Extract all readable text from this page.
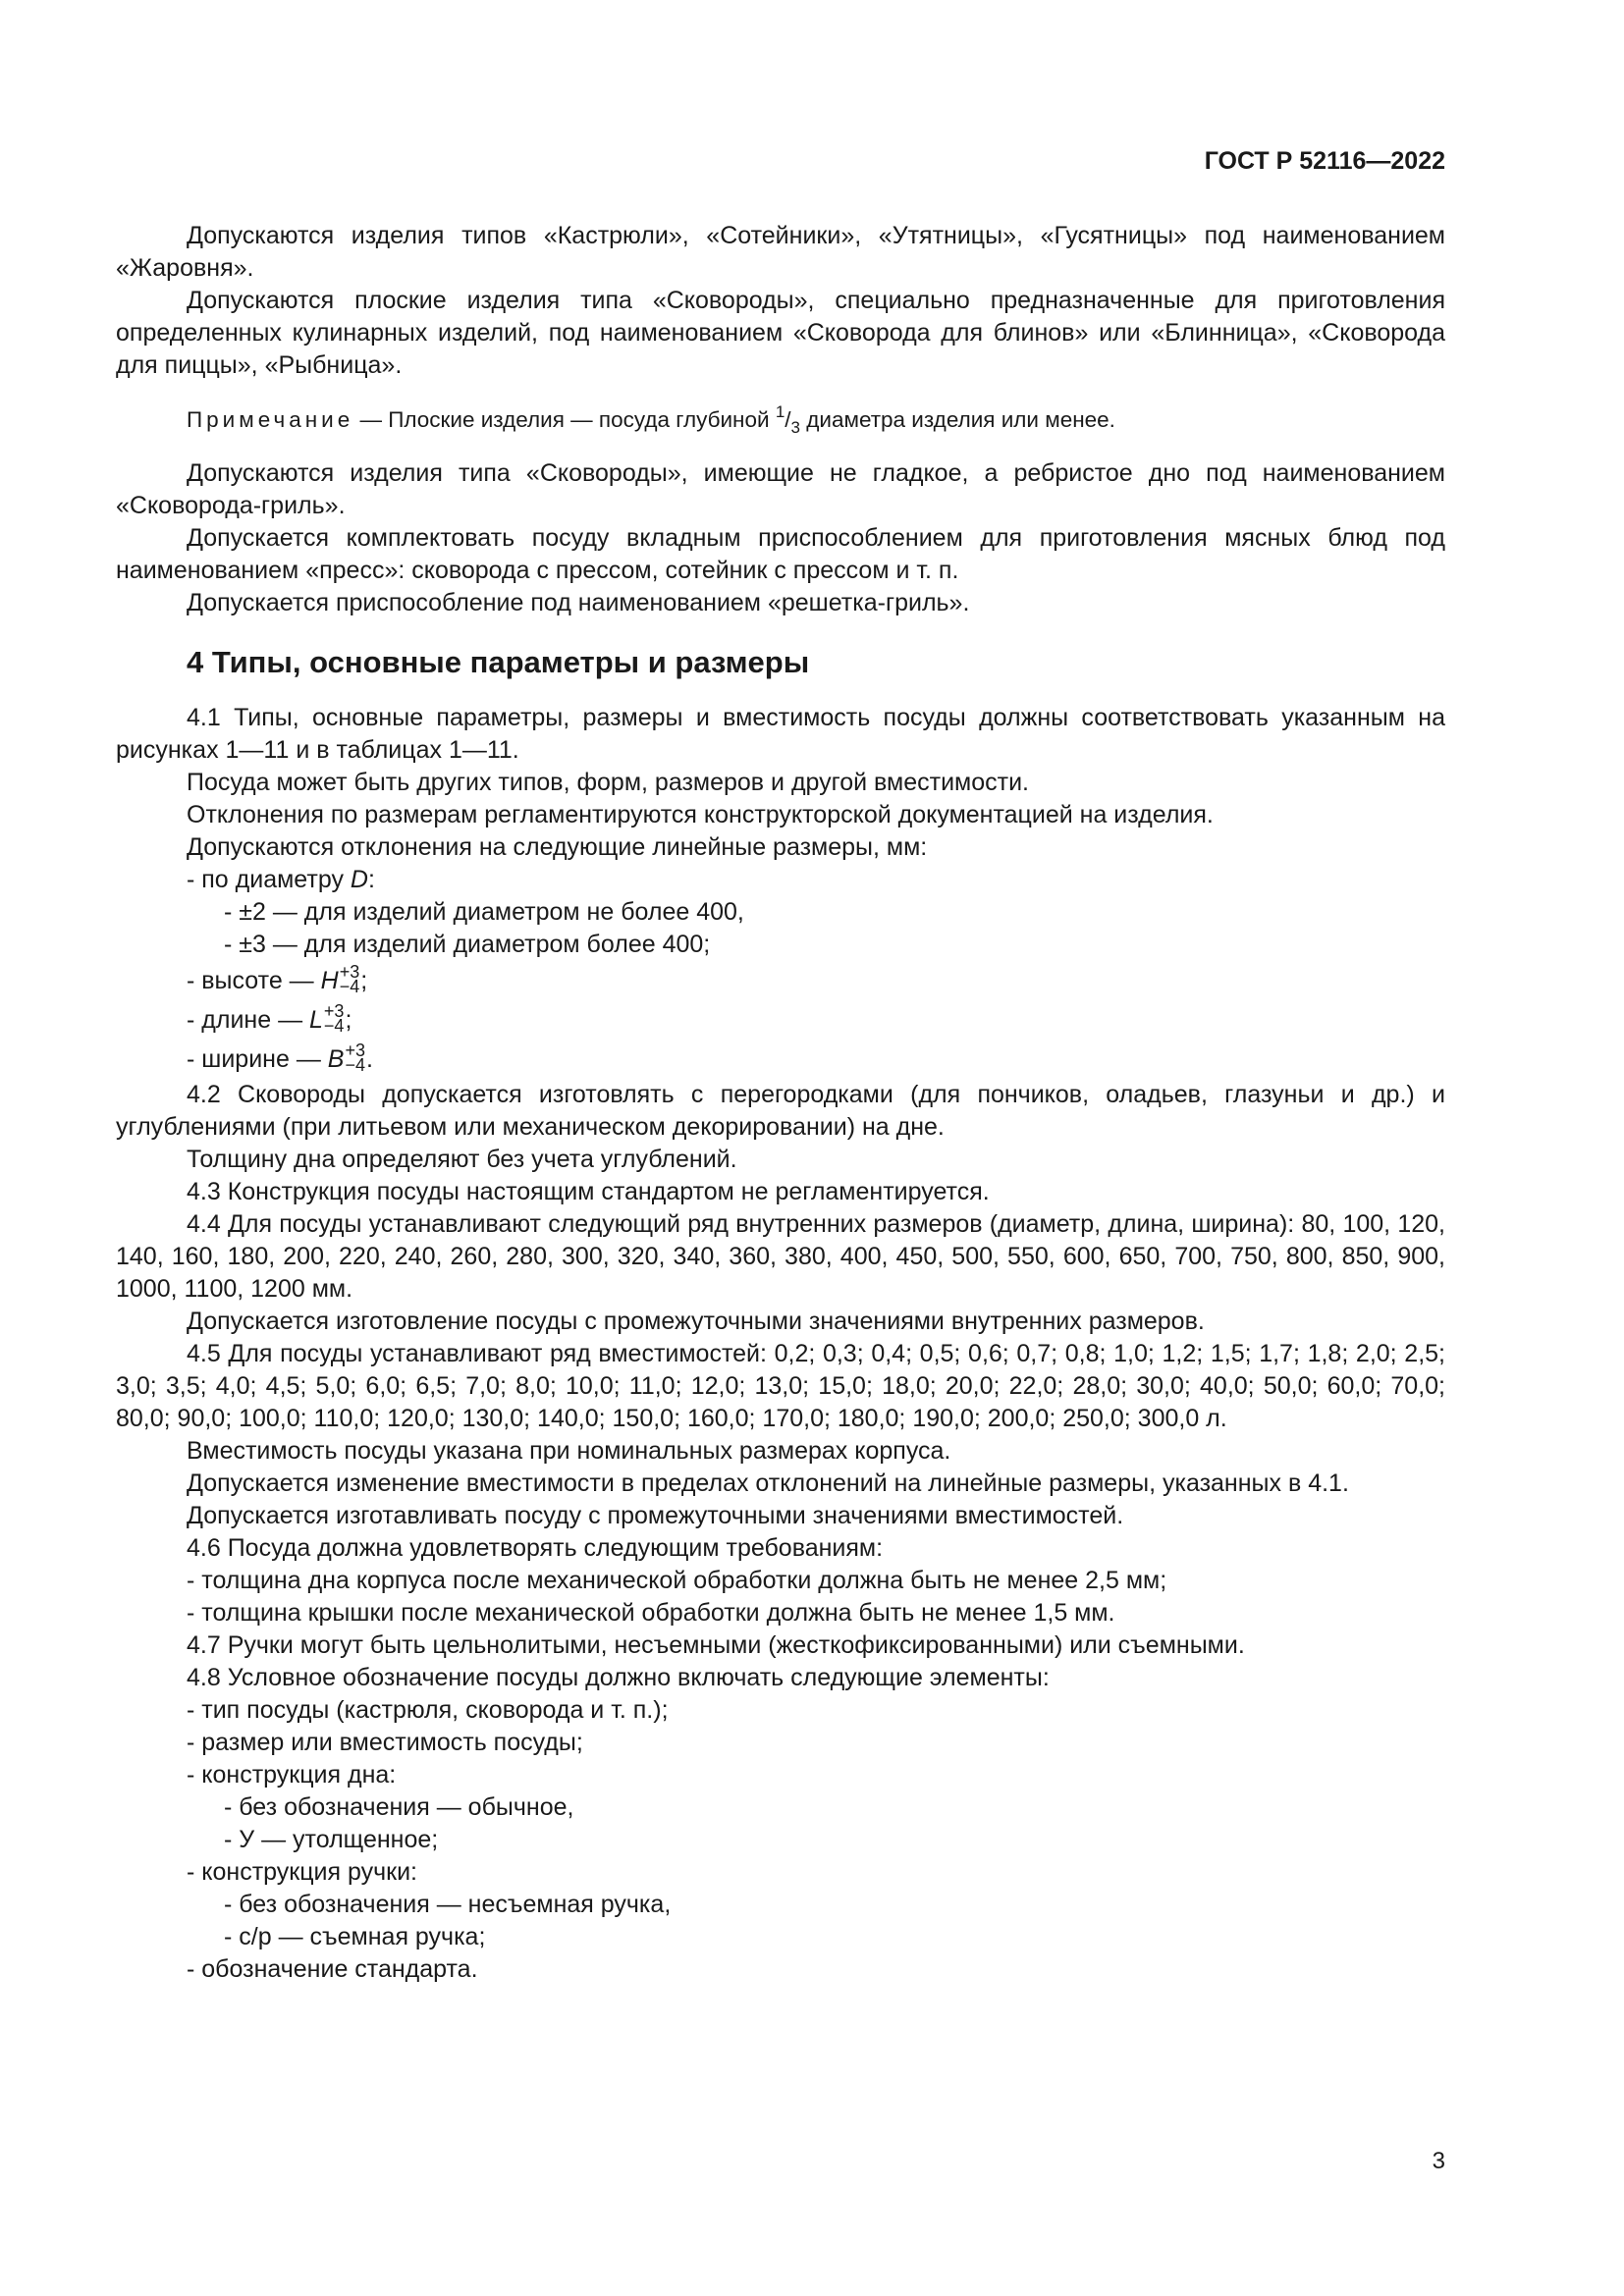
ГОСТ Р 52116—2022

Допускаются изделия типов «Кастрюли», «Сотейники», «Утятницы», «Гусятницы» под наименованием «Жаровня».

Допускаются плоские изделия типа «Сковороды», специально предназначенные для приготовления определенных кулинарных изделий, под наименованием «Сковорода для блинов» или «Блинница», «Сковорода для пиццы», «Рыбница».

Примечание — Плоские изделия — посуда глубиной $^1/_3$ диаметра изделия или менее.

Допускаются изделия типа «Сковороды», имеющие не гладкое, а ребристое дно под наименованием «Сковорода-гриль».

Допускается комплектовать посуду вкладным приспособлением для приготовления мясных блюд под наименованием «пресс»: сковорода с прессом, сотейник с прессом и т. п.

Допускается приспособление под наименованием «решетка-гриль».

4 Типы, основные параметры и размеры

4.1 Типы, основные параметры, размеры и вместимость посуды должны соответствовать указанным на рисунках 1—11 и в таблицах 1—11.

Посуда может быть других типов, форм, размеров и другой вместимости.

Отклонения по размерам регламентируются конструкторской документацией на изделия.

Допускаются отклонения на следующие линейные размеры, мм:

- по диаметру D:
- ±2 — для изделий диаметром не более 400,
- ±3 — для изделий диаметром более 400;
- высоте — H +3
−4 ;
- длине — L +3
−4 ;
- ширине — B +3
−4 .

4.2 Сковороды допускается изготовлять с перегородками (для пончиков, оладьев, глазуньи и др.) и углублениями (при литьевом или механическом декорировании) на дне.

Толщину дна определяют без учета углублений.

4.3 Конструкция посуды настоящим стандартом не регламентируется.

4.4 Для посуды устанавливают следующий ряд внутренних размеров (диаметр, длина, ширина): 80, 100, 120, 140, 160, 180, 200, 220, 240, 260, 280, 300, 320, 340, 360, 380, 400, 450, 500, 550, 600, 650, 700, 750, 800, 850, 900, 1000, 1100, 1200 мм.

Допускается изготовление посуды с промежуточными значениями внутренних размеров.

4.5 Для посуды устанавливают ряд вместимостей: 0,2; 0,3; 0,4; 0,5; 0,6; 0,7; 0,8; 1,0; 1,2; 1,5; 1,7; 1,8; 2,0; 2,5; 3,0; 3,5; 4,0; 4,5; 5,0; 6,0; 6,5; 7,0; 8,0; 10,0; 11,0; 12,0; 13,0; 15,0; 18,0; 20,0; 22,0; 28,0; 30,0; 40,0; 50,0; 60,0; 70,0; 80,0; 90,0; 100,0; 110,0; 120,0; 130,0; 140,0; 150,0; 160,0; 170,0; 180,0; 190,0; 200,0; 250,0; 300,0 л.

Вместимость посуды указана при номинальных размерах корпуса.

Допускается изменение вместимости в пределах отклонений на линейные размеры, указанных в 4.1.

Допускается изготавливать посуду с промежуточными значениями вместимостей.

4.6 Посуда должна удовлетворять следующим требованиям:

- толщина дна корпуса после механической обработки должна быть не менее 2,5 мм;
- толщина крышки после механической обработки должна быть не менее 1,5 мм.

4.7 Ручки могут быть цельнолитыми, несъемными (жесткофиксированными) или съемными.

4.8 Условное обозначение посуды должно включать следующие элементы:

- тип посуды (кастрюля, сковорода и т. п.);
- размер или вместимость посуды;
- конструкция дна:
- без обозначения — обычное,
- У — утолщенное;
- конструкция ручки:
- без обозначения — несъемная ручка,
- с/р — съемная ручка;
- обозначение стандарта.
3
